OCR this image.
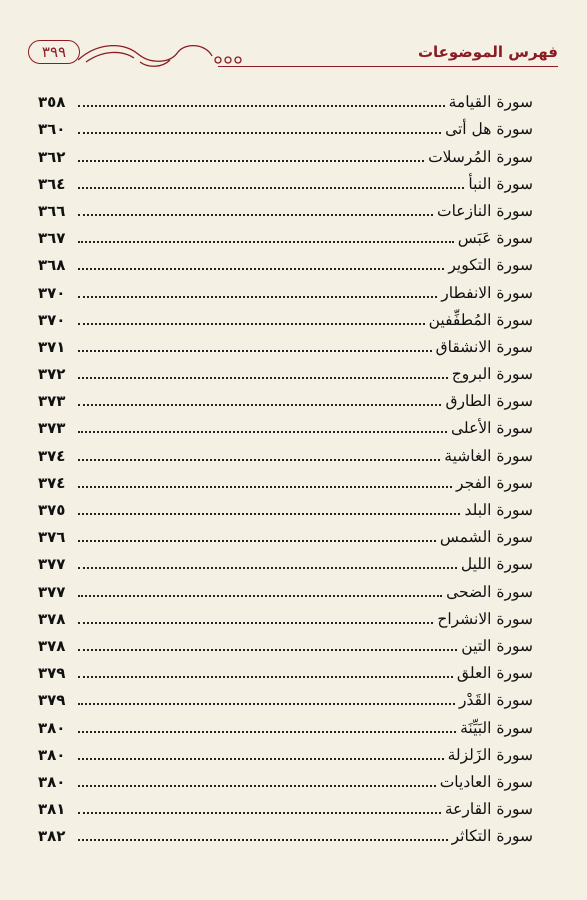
٣٩٩	فهرس الموضوعات
سورة القيامة
٣٥٨
سورة هل أتى
٣٦٠
سورة المُرسلات
٣٦٢
سورة النبأ
٣٦٤
سورة النازعات
٣٦٦
سورة عَبَس
٣٦٧
سورة التكوير
٣٦٨
سورة الانفطار
٣٧٠
سورة المُطفِّفين
٣٧٠
سورة الانشقاق
٣٧١
سورة البروج
٣٧٢
سورة الطارق
٣٧٣
سورة الأعلى
٣٧٣
سورة الغاشية
٣٧٤
سورة الفجر
٣٧٤
سورة البلد
٣٧٥
سورة الشمس
٣٧٦
سورة الليل
٣٧٧
سورة الضحى
٣٧٧
سورة الانشراح
٣٧٨
سورة التين
٣٧٨
سورة العلق
٣٧٩
سورة القَدْر
٣٧٩
سورة البَيِّنَة
٣٨٠
سورة الزَلزلة
٣٨٠
سورة العاديات
٣٨٠
سورة القارعة
٣٨١
سورة التكاثر
٣٨٢
